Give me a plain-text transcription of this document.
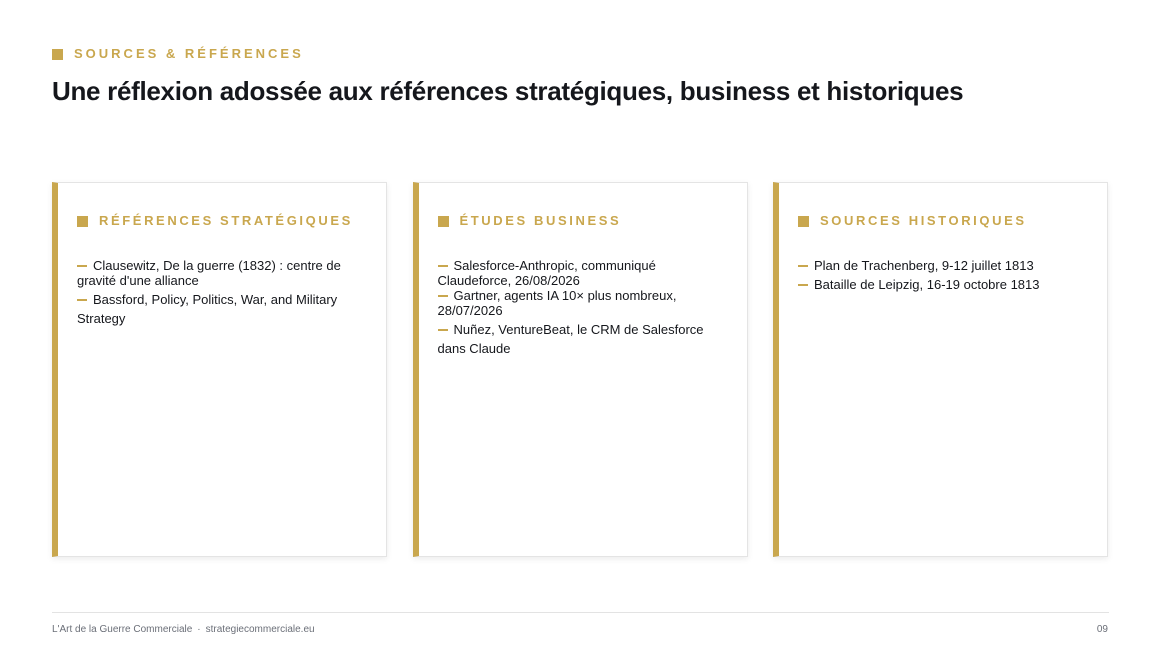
SOURCES & RÉFÉRENCES
Une réflexion adossée aux références stratégiques, business et historiques
RÉFÉRENCES STRATÉGIQUES
Clausewitz, De la guerre (1832) : centre de gravité d'une alliance
Bassford, Policy, Politics, War, and Military Strategy
ÉTUDES BUSINESS
Salesforce-Anthropic, communiqué Claudeforce, 26/08/2026
Gartner, agents IA 10× plus nombreux, 28/07/2026
Nuñez, VentureBeat, le CRM de Salesforce dans Claude
SOURCES HISTORIQUES
Plan de Trachenberg, 9-12 juillet 1813
Bataille de Leipzig, 16-19 octobre 1813
L'Art de la Guerre Commerciale · strategiecommerciale.eu	09
